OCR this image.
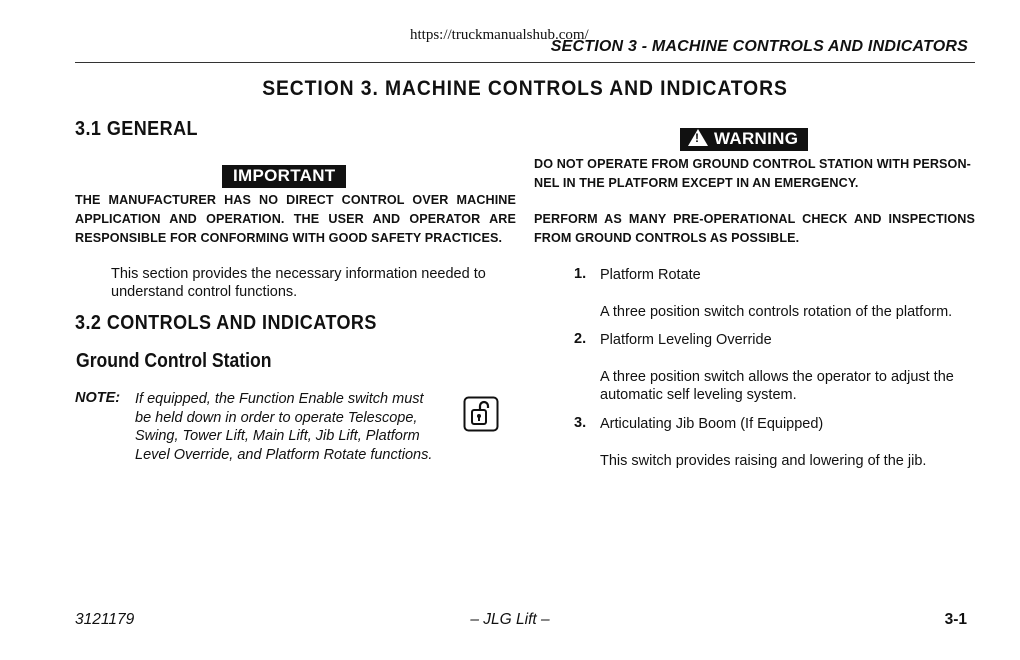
SECTION 3 - MACHINE CONTROLS AND INDICATORS
https://truckmanualshub.com/
SECTION 3. MACHINE CONTROLS AND INDICATORS
3.1 GENERAL
IMPORTANT
THE MANUFACTURER HAS NO DIRECT CONTROL OVER MACHINE APPLICATION AND OPERATION. THE USER AND OPERATOR ARE RESPONSIBLE FOR CONFORMING WITH GOOD SAFETY PRACTICES.
This section provides the necessary information needed to understand control functions.
3.2 CONTROLS AND INDICATORS
Ground Control Station
NOTE: If equipped, the Function Enable switch must be held down in order to operate Telescope, Swing, Tower Lift, Main Lift, Jib Lift, Platform Level Override, and Platform Rotate functions.
! WARNING
DO NOT OPERATE FROM GROUND CONTROL STATION WITH PERSON-
NEL IN THE PLATFORM EXCEPT IN AN EMERGENCY.
PERFORM AS MANY PRE-OPERATIONAL CHECK AND INSPECTIONS FROM GROUND CONTROLS AS POSSIBLE.
1. Platform Rotate
A three position switch controls rotation of the platform.
2. Platform Leveling Override
A three position switch allows the operator to adjust the automatic self leveling system.
3. Articulating Jib Boom (If Equipped)
This switch provides raising and lowering of the jib.
3121179	– JLG Lift –	3-1
